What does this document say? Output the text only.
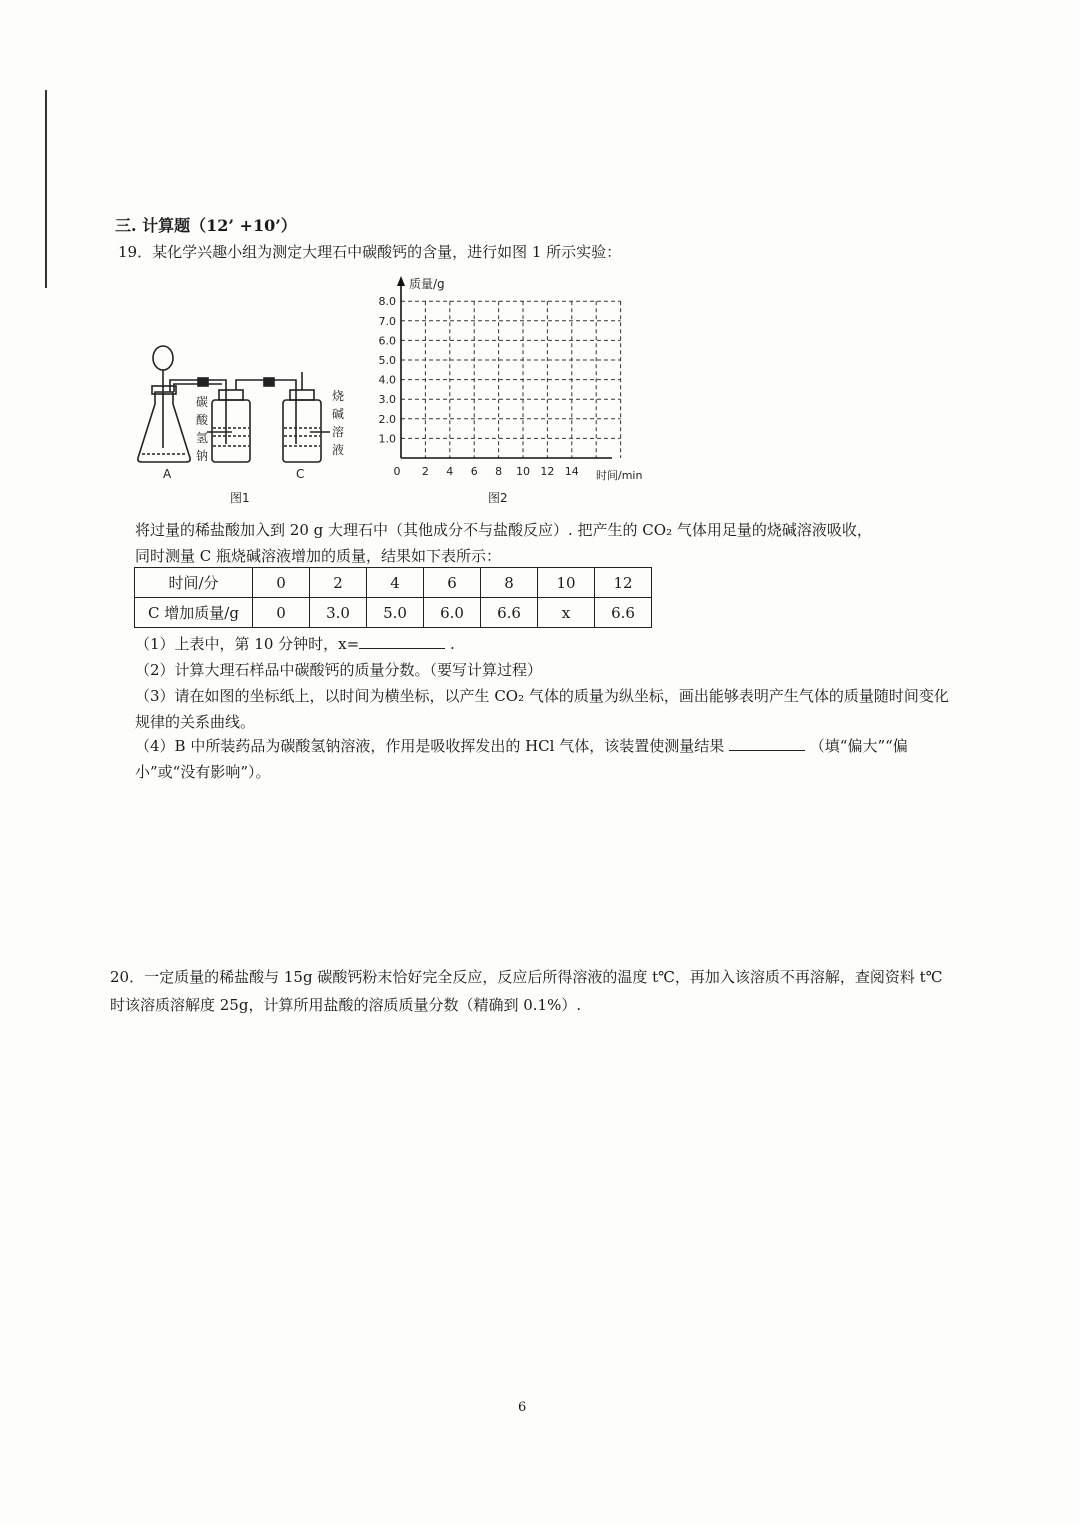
三. 计算题（12’ +10’）
19．某化学兴趣小组为测定大理石中碳酸钙的含量，进行如图 1 所示实验：
碳
酸
氢
钠
烧
碱
溶
液
A	C
图1
8.0
7.0
6.0
5.0
4.0
3.0
2.0
1.0
0 2 4 6 8 10 12 14
质量/g
时间/min
图2
将过量的稀盐酸加入到 20 g 大理石中（其他成分不与盐酸反应）. 把产生的 CO₂ 气体用足量的烧碱溶液吸收，
同时测量 C 瓶烧碱溶液增加的质量，结果如下表所示：
时间/分	0	2	4	6	8	10	12
C 增加质量/g	0	3.0	5.0	6.0	6.6	x	6.6
（1）上表中，第 10 分钟时，x=	.
（2）计算大理石样品中碳酸钙的质量分数。（要写计算过程）
（3）请在如图的坐标纸上，以时间为横坐标，以产生 CO₂ 气体的质量为纵坐标，画出能够表明产生气体的质量随时间变化规律的关系曲线。
（4）B 中所装药品为碳酸氢钠溶液，作用是吸收挥发出的 HCl 气体，该装置使测量结果	（填“偏大”“偏小”或“没有影响”）。
20．一定质量的稀盐酸与 15g 碳酸钙粉末恰好完全反应，反应后所得溶液的温度 t℃，再加入该溶质不再溶解，查阅资料 t℃时该溶质溶解度 25g，计算所用盐酸的溶质质量分数（精确到 0.1%）.
6
